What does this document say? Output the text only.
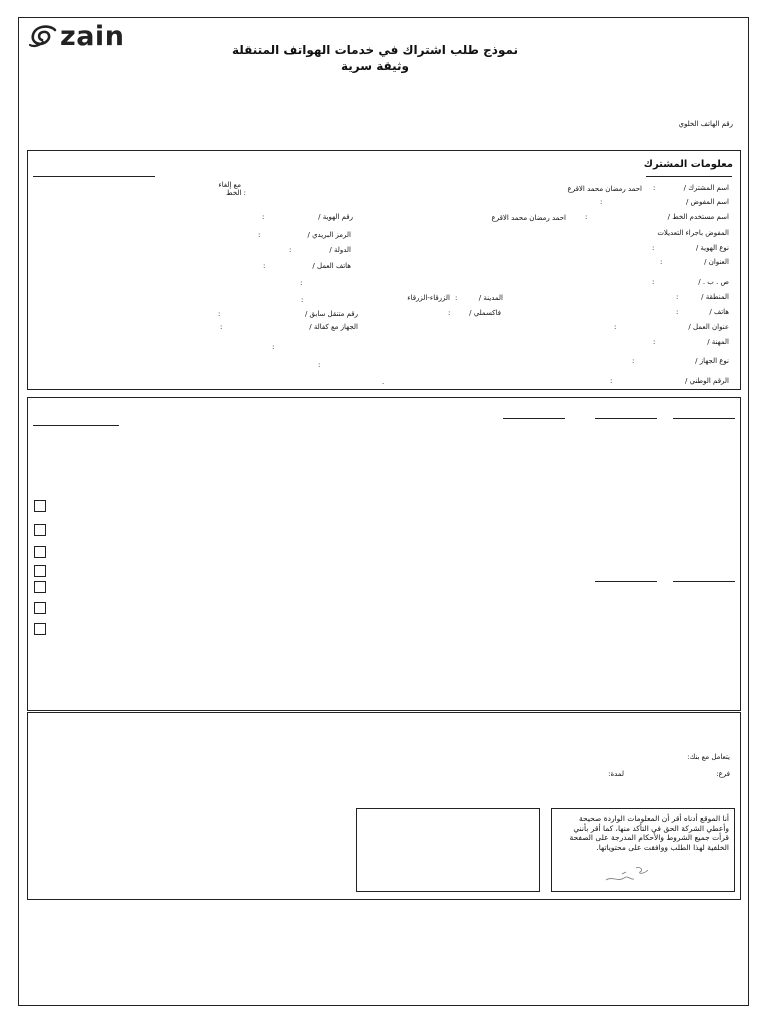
zain	نموذج طلب اشتراك في خدمات الهواتف المتنقلة
وثيقة سرية
رقم الهاتف الخلوي
معلومات المشترك
مع إلغاء
: الخط
اسم المشترك /
:
احمد رمضان محمد الاقرع
اسم المفوض /
:
اسم مستخدم الخط /
:
احمد رمضان محمد الاقرع
رقم الهوية /
:
المفوض باجراء التعديلات
الرمز البريدي /
:
نوع الهوية /
:
الدولة /
:
العنوان /
:
هاتف العمل /
:
ص . ب . /
:
:
المنطقة /
:
المدينة /
:
الزرقاء-الزرقاء
:
هاتف /
:
فاكسملي /
:
رقم متنقل سابق /
:
عنوان العمل /
:
الجهاز مع كفالة /
:
المهنة /
:
:
نوع الجهاز /
:
:
الرقم الوطني /
:
.
يتعامل مع بنك:
فرع:
لمدة:
أنا الموقع أدناه أقر أن المعلومات الواردة صحيحة وأعطي الشركة الحق في التأكد منها، كما أقر بأنني قرأت جميع الشروط والأحكام المدرجة على الصفحة الخلفية لهذا الطلب ووافقت على محتوياتها.
